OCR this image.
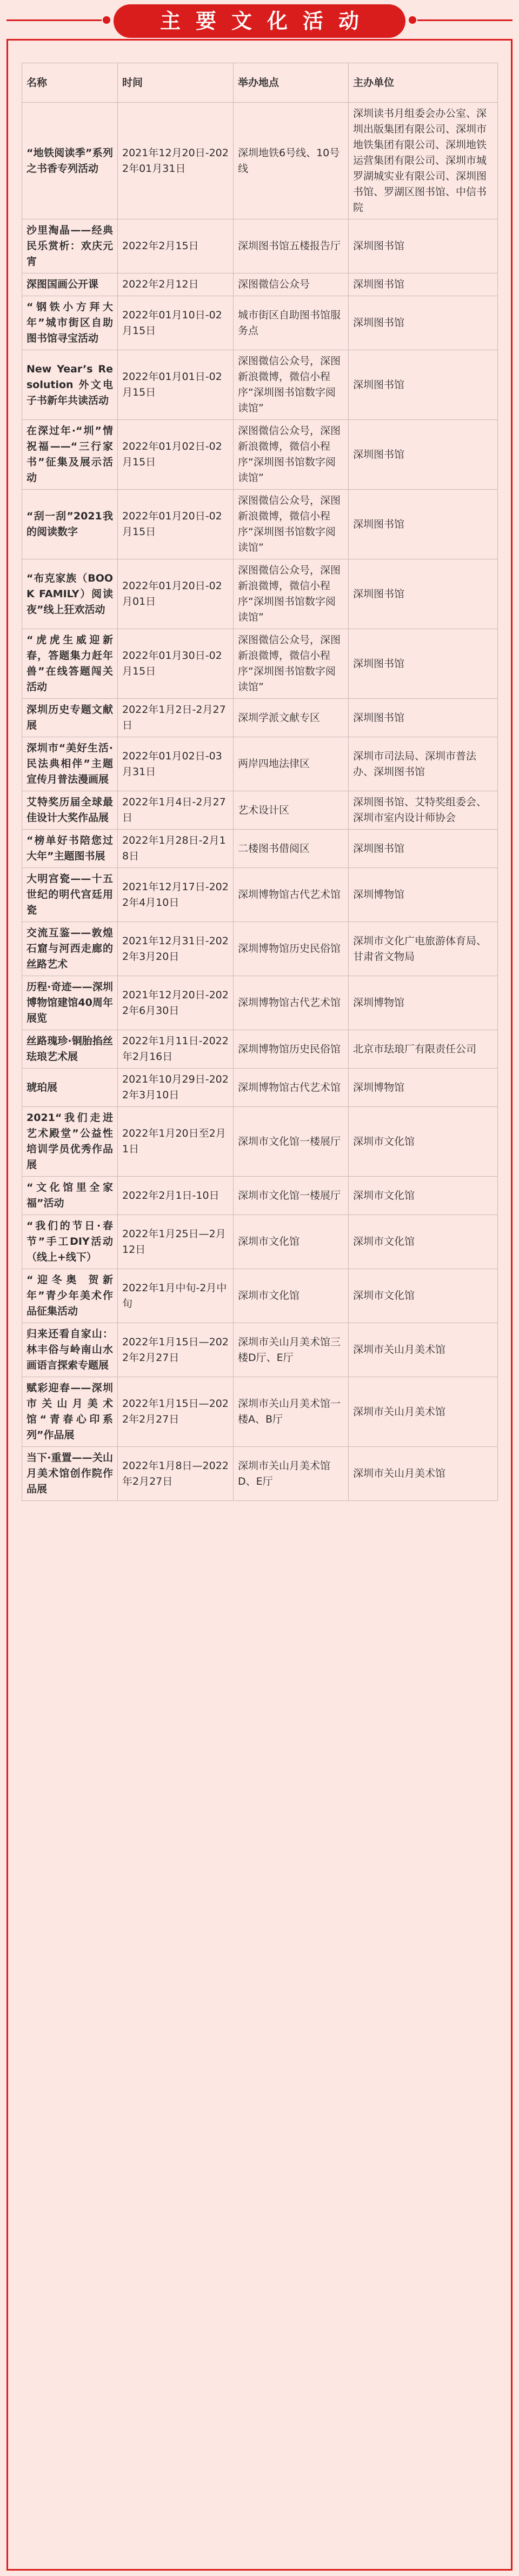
主要文化活动
名称	时间	举办地点	主办单位
“地铁阅读季”系列之书香专列活动	2021年12月20日-2022年01月31日	深圳地铁6号线、10号线	深圳读书月组委会办公室、深圳出版集团有限公司、深圳市地铁集团有限公司、深圳地铁运营集团有限公司、深圳市城罗湖城实业有限公司、深圳图书馆、罗湖区图书馆、中信书院
沙里淘晶——经典民乐赏析：欢庆元宵	2022年2月15日	深圳图书馆五楼报告厅	深圳图书馆
深图国画公开课	2022年2月12日	深图微信公众号	深圳图书馆
“钢铁小方拜大年”城市街区自助图书馆寻宝活动	2022年01月10日-02月15日	城市街区自助图书馆服务点	深圳图书馆
New Year’s Resolution 外文电子书新年共读活动	2022年01月01日-02月15日	深图微信公众号，深图新浪微博，微信小程序“深圳图书馆数字阅读馆”	深圳图书馆
在深过年·“圳”情祝福——“三行家书”征集及展示活动	2022年01月02日-02月15日	深图微信公众号，深图新浪微博，微信小程序“深圳图书馆数字阅读馆”	深圳图书馆
“刮一刮”2021我的阅读数字	2022年01月20日-02月15日	深图微信公众号，深图新浪微博，微信小程序“深圳图书馆数字阅读馆”	深圳图书馆
“布克家族（BOOK FAMILY）阅读夜”线上狂欢活动	2022年01月20日-02月01日	深图微信公众号，深图新浪微博，微信小程序“深圳图书馆数字阅读馆”	深圳图书馆
“虎虎生威迎新春，答题集力赶年兽”在线答题闯关活动	2022年01月30日-02月15日	深图微信公众号，深图新浪微博，微信小程序“深圳图书馆数字阅读馆”	深圳图书馆
深圳历史专题文献展	2022年1月2日-2月27日	深圳学派文献专区	深圳图书馆
深圳市“美好生活·民法典相伴”主题宣传月普法漫画展	2022年01月02日-03月31日	两岸四地法律区	深圳市司法局、深圳市普法办、深圳图书馆
艾特奖历届全球最佳设计大奖作品展	2022年1月4日-2月27日	艺术设计区	深圳图书馆、艾特奖组委会、深圳市室内设计师协会
“榜单好书陪您过大年”主题图书展	2022年1月28日-2月18日	二楼图书借阅区	深圳图书馆
大明宫瓷——十五世纪的明代宫廷用瓷	2021年12月17日-2022年4月10日	深圳博物馆古代艺术馆	深圳博物馆
交流互鉴——敦煌石窟与河西走廊的丝路艺术	2021年12月31日-2022年3月20日	深圳博物馆历史民俗馆	深圳市文化广电旅游体育局、甘肃省文物局
历程·奇迹——深圳博物馆建馆40周年展览	2021年12月20日-2022年6月30日	深圳博物馆古代艺术馆	深圳博物馆
丝路瑰珍·铜胎掐丝珐琅艺术展	2022年1月11日-2022年2月16日	深圳博物馆历史民俗馆	北京市珐琅厂有限责任公司
琥珀展	2021年10月29日-2022年3月10日	深圳博物馆古代艺术馆	深圳博物馆
2021“我们走进艺术殿堂”公益性培训学员优秀作品展	2022年1月20日至2月1日	深圳市文化馆一楼展厅	深圳市文化馆
“文化馆里全家福”活动	2022年2月1日-10日	深圳市文化馆一楼展厅	深圳市文化馆
“我们的节日·春节”手工DIY活动（线上+线下）	2022年1月25日—2月12日	深圳市文化馆	深圳市文化馆
“迎冬奥 贺新年”青少年美术作品征集活动	2022年1月中旬-2月中旬	深圳市文化馆	深圳市文化馆
归来还看自家山：林丰俗与岭南山水画语言探索专题展	2022年1月15日—2022年2月27日	深圳市关山月美术馆三楼D厅、E厅	深圳市关山月美术馆
赋彩迎春——深圳市关山月美术馆“青春心印系列”作品展	2022年1月15日—2022年2月27日	深圳市关山月美术馆一楼A、B厅	深圳市关山月美术馆
当下·重置——关山月美术馆创作院作品展	2022年1月8日—2022年2月27日	深圳市关山月美术馆D、E厅	深圳市关山月美术馆
